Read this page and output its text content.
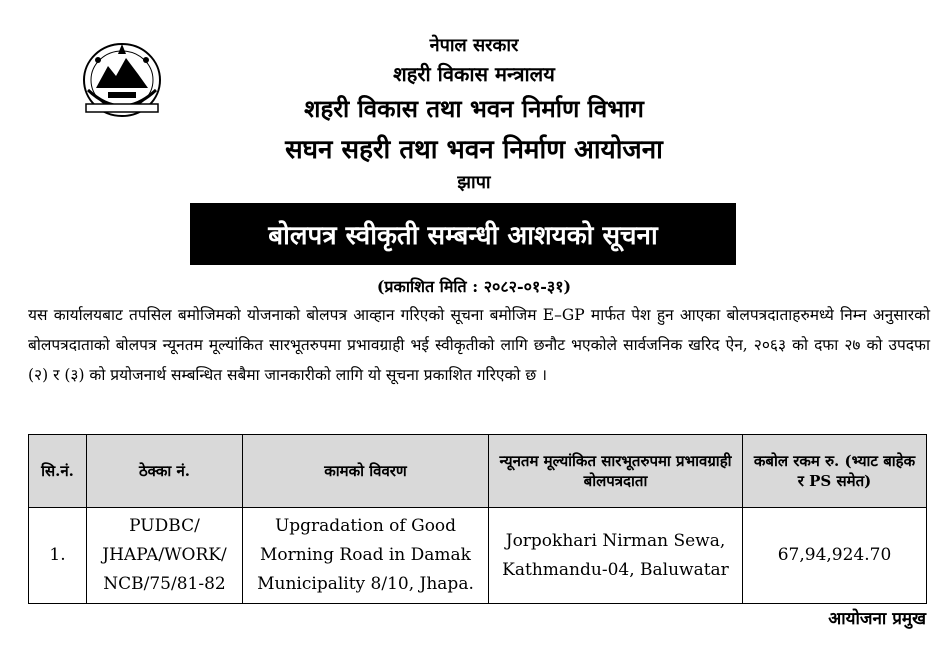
नेपाल सरकार
शहरी विकास मन्त्रालय
शहरी विकास तथा भवन निर्माण विभाग
सघन सहरी तथा भवन निर्माण आयोजना
झापा
बोलपत्र स्वीकृती सम्बन्धी आशयको सूचना
(प्रकाशित मिति : २०८२-०१-३१)

यस कार्यालयबाट तपसिल बमोजिमको योजनाको बोलपत्र आव्हान गरिएको सूचना बमोजिम E–GP मार्फत पेश हुन आएका बोलपत्रदाताहरुमध्ये निम्न अनुसारको बोलपत्रदाताको बोलपत्र न्यूनतम मूल्यांकित सारभूतरुपमा प्रभावग्राही भई स्वीकृतीको लागि छनौट भएकोले सार्वजनिक खरिद ऐन, २०६३ को दफा २७ को उपदफा (२) र (३) को प्रयोजनार्थ सम्बन्धित सबैमा जानकारीको लागि यो सूचना प्रकाशित गरिएको छ ।

सि.नं.	ठेक्का नं.	कामको विवरण	न्यूनतम मूल्यांकित सारभूतरुपमा प्रभावग्राही बोलपत्रदाता	कबोल रकम रु. (भ्याट बाहेक र PS समेत)
1.	PUDBC/ JHAPA/WORK/ NCB/75/81-82	Upgradation of Good Morning Road in Damak Municipality 8/10, Jhapa.	Jorpokhari Nirman Sewa, Kathmandu-04, Baluwatar	67,94,924.70
आयोजना प्रमुख
